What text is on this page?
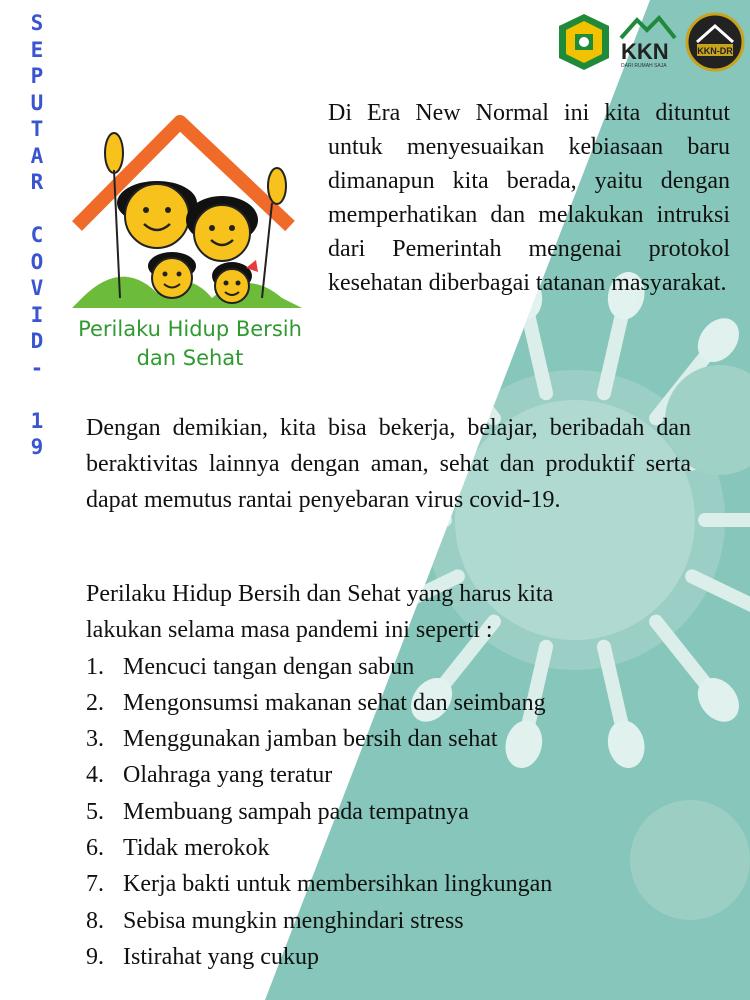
S
E
P
U
T
A
R
C
O
V
I
D
-
1
9
KKN
DARI RUMAH SAJA
KKN-DR
Perilaku Hidup Bersih
dan Sehat
Di Era New Normal ini kita dituntut untuk menyesuaikan kebiasaan baru dimanapun kita berada, yaitu dengan memperhatikan dan melakukan intruksi dari Pemerintah mengenai protokol kesehatan diberbagai tatanan masyarakat.
Dengan demikian, kita bisa bekerja, belajar, beribadah dan beraktivitas lainnya dengan aman, sehat dan produktif serta dapat memutus rantai penyebaran virus covid-19.
Perilaku Hidup Bersih dan Sehat yang harus kita
lakukan selama masa pandemi ini seperti :
1. Mencuci tangan dengan sabun
2. Mengonsumsi makanan sehat dan seimbang
3. Menggunakan jamban bersih dan sehat
4. Olahraga yang teratur
5. Membuang sampah pada tempatnya
6. Tidak merokok
7. Kerja bakti untuk membersihkan lingkungan
8. Sebisa mungkin menghindari stress
9. Istirahat yang cukup
